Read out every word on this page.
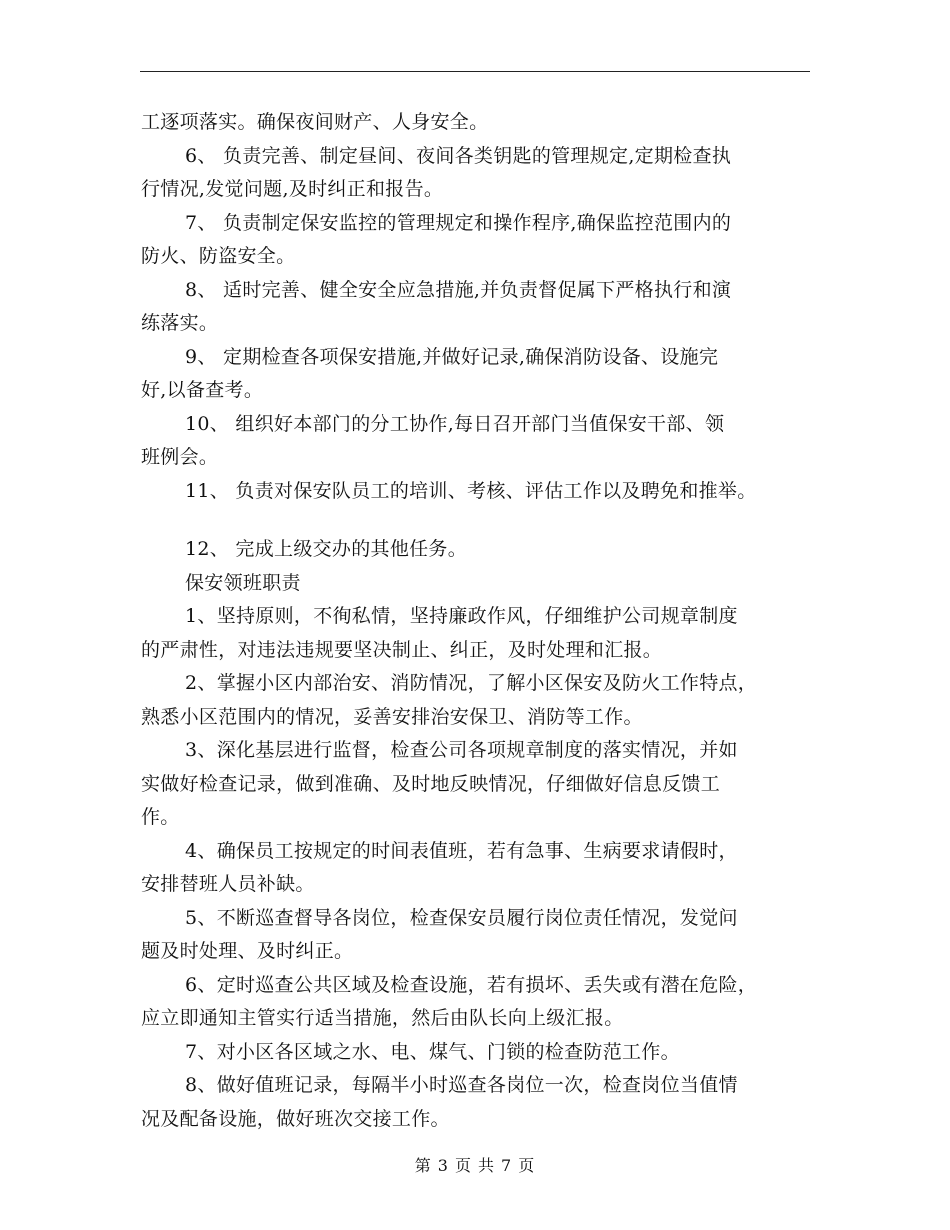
工逐项落实。确保夜间财产、人身安全。
6、 负责完善、制定昼间、夜间各类钥匙的管理规定,定期检查执
行情况,发觉问题,及时纠正和报告。
7、 负责制定保安监控的管理规定和操作程序,确保监控范围内的
防火、防盗安全。
8、 适时完善、健全安全应急措施,并负责督促属下严格执行和演
练落实。
9、 定期检查各项保安措施,并做好记录,确保消防设备、设施完
好,以备查考。
10、 组织好本部门的分工协作,每日召开部门当值保安干部、领
班例会。
11、 负责对保安队员工的培训、考核、评估工作以及聘免和推举。
12、 完成上级交办的其他任务。
保安领班职责
1、坚持原则，不徇私情，坚持廉政作风，仔细维护公司规章制度
的严肃性，对违法违规要坚决制止、纠正，及时处理和汇报。
2、掌握小区内部治安、消防情况，了解小区保安及防火工作特点，
熟悉小区范围内的情况，妥善安排治安保卫、消防等工作。
3、深化基层进行监督，检查公司各项规章制度的落实情况，并如
实做好检查记录，做到准确、及时地反映情况，仔细做好信息反馈工
作。
4、确保员工按规定的时间表值班，若有急事、生病要求请假时，
安排替班人员补缺。
5、不断巡查督导各岗位，检查保安员履行岗位责任情况，发觉问
题及时处理、及时纠正。
6、定时巡查公共区域及检查设施，若有损坏、丢失或有潜在危险，
应立即通知主管实行适当措施，然后由队长向上级汇报。
7、对小区各区域之水、电、煤气、门锁的检查防范工作。
8、做好值班记录，每隔半小时巡查各岗位一次，检查岗位当值情
况及配备设施，做好班次交接工作。
第 3 页 共 7 页
